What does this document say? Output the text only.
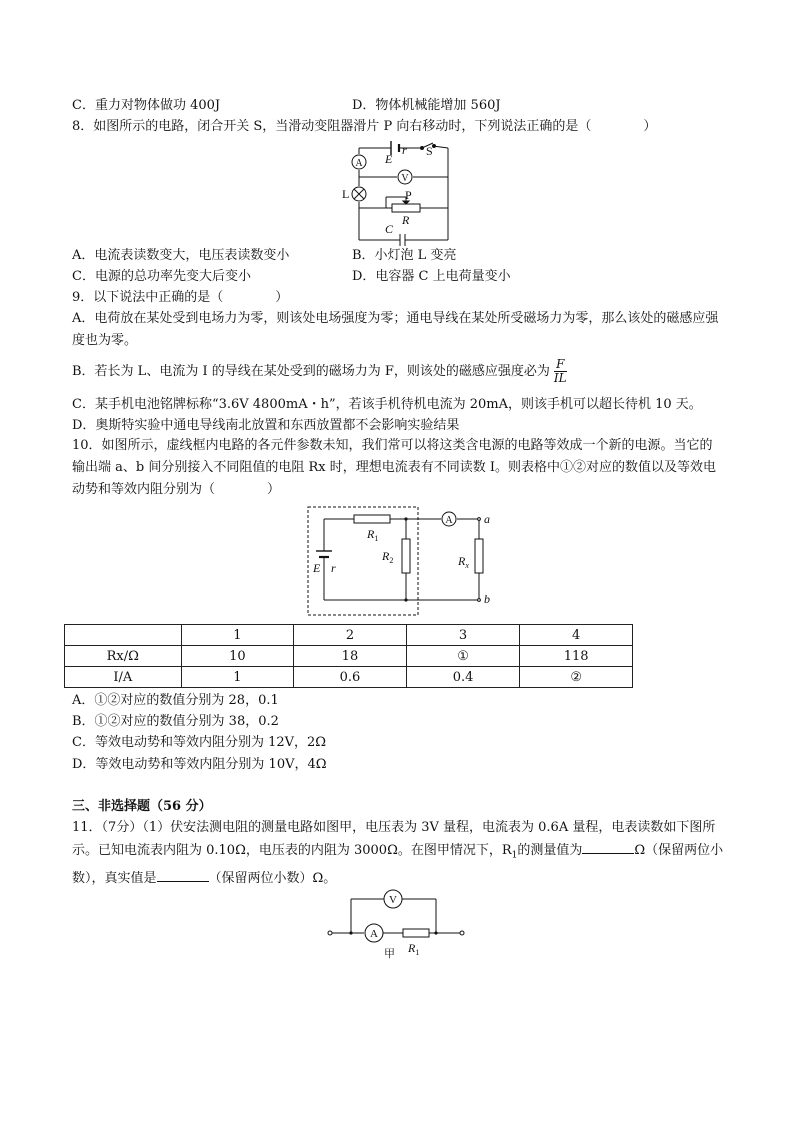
C．重力对物体做功 400J	D．物体机械能增加 560J
8．如图所示的电路，闭合开关 S，当滑动变阻器滑片 P 向右移动时，下列说法正确的是（　　　　）
E
r S
P
R
C
A
V
L
A．电流表读数变大，电压表读数变小	B．小灯泡 L 变亮
C．电源的总功率先变大后变小	D．电容器 C 上电荷量变小
9．以下说法中正确的是（　　　　）
A．电荷放在某处受到电场力为零，则该处电场强度为零；通电导线在某处所受磁场力为零，那么该处的磁感应强度也为零。
B．若长为 L、电流为 I 的导线在某处受到的磁场力为 F，则该处的磁感应强度必为 $\frac{F}{IL}$
C．某手机电池铭牌标称“3.6V 4800mA・h”，若该手机待机电流为 20mA，则该手机可以超长待机 10 天。
D．奥斯特实验中通电导线南北放置和东西放置都不会影响实验结果
10．如图所示，虚线框内电路的各元件参数未知，我们常可以将这类含电源的电路等效成一个新的电源。当它的输出端 a、b 间分别接入不同阻值的电阻 Rx 时，理想电流表有不同读数 I。则表格中①②对应的数值以及等效电动势和等效内阻分别为（　　　　）
$R_1$
$R_2$	$R_x$
E r
a
b
A
	1	2	3	4
Rx/Ω	10	18	①	118
I/A	1	0.6	0.4	②
A．①②对应的数值分别为 28，0.1
B．①②对应的数值分别为 38，0.2
C．等效电动势和等效内阻分别为 12V，2Ω
D．等效电动势和等效内阻分别为 10V，4Ω
三、非选择题（56 分）
11．（7分）（1）伏安法测电阻的测量电路如图甲，电压表为 3V 量程，电流表为 0.6A 量程，电表读数如下图所示。已知电流表内阻为 0.10Ω，电压表的内阻为 3000Ω。在图甲情况下，$R_1$的测量值为	Ω（保留两位小数），真实值是	（保留两位小数）Ω。
V
A
$R_1$
甲
